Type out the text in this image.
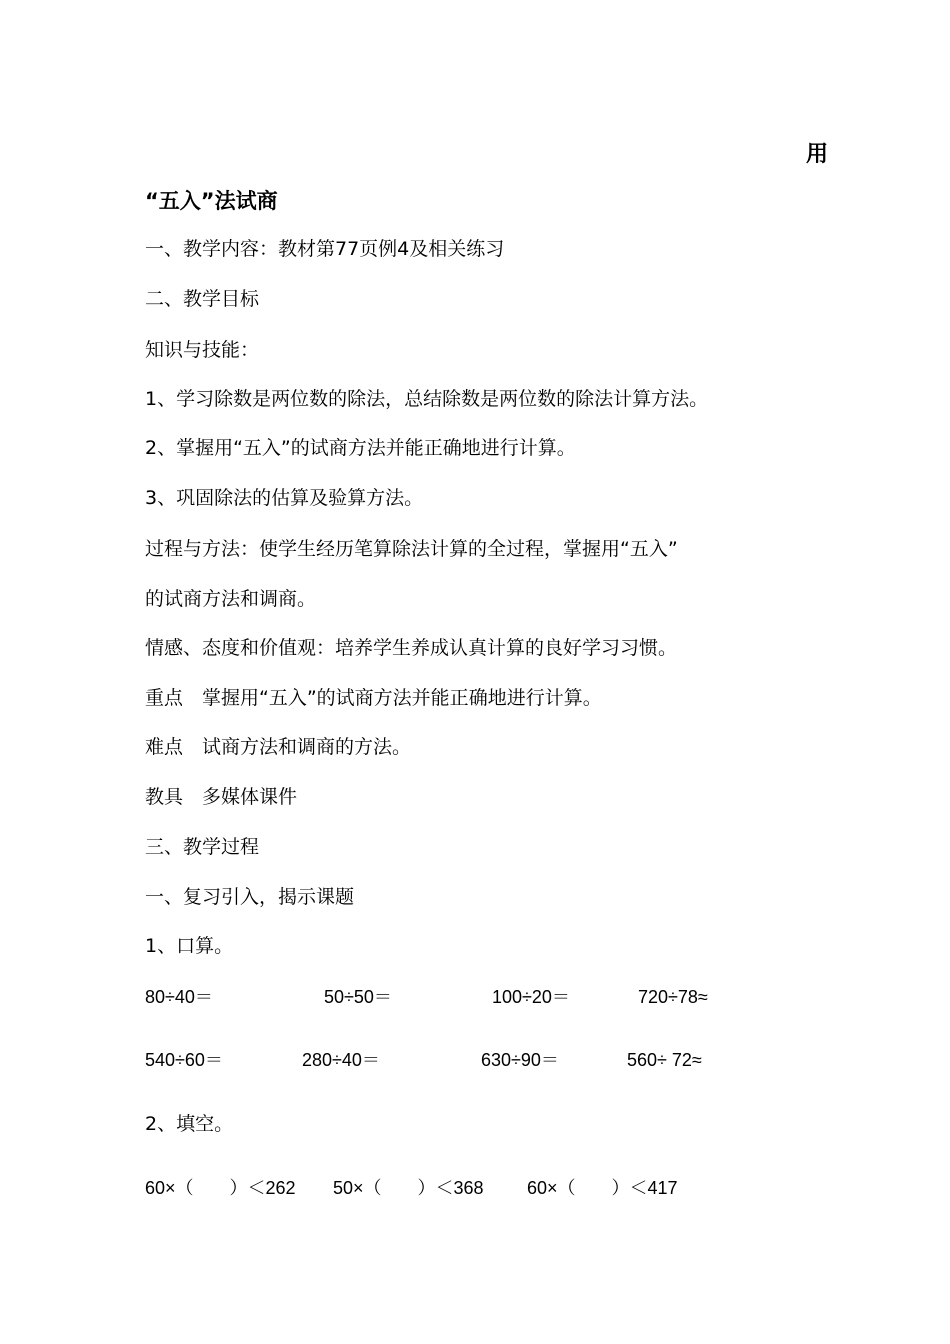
用
“五入”法试商
一、教学内容：教材第77页例4及相关练习
二、教学目标
知识与技能：
1、学习除数是两位数的除法，总结除数是两位数的除法计算方法。
2、掌握用“五入”的试商方法并能正确地进行计算。
3、巩固除法的估算及验算方法。
过程与方法：使学生经历笔算除法计算的全过程，掌握用“五入”
的试商方法和调商。
情感、态度和价值观：培养学生养成认真计算的良好学习习惯。
重点　掌握用“五入”的试商方法并能正确地进行计算。
难点　试商方法和调商的方法。
教具　多媒体课件
三、教学过程
一、复习引入，揭示课题
1、口算。
80÷40＝	50÷50＝	100÷20＝	720÷78≈
540÷60＝	280÷40＝	630÷90＝	560÷ 72≈
2、填空。
60×（　　）＜262 50×（　　）＜368 60×（　　）＜417
